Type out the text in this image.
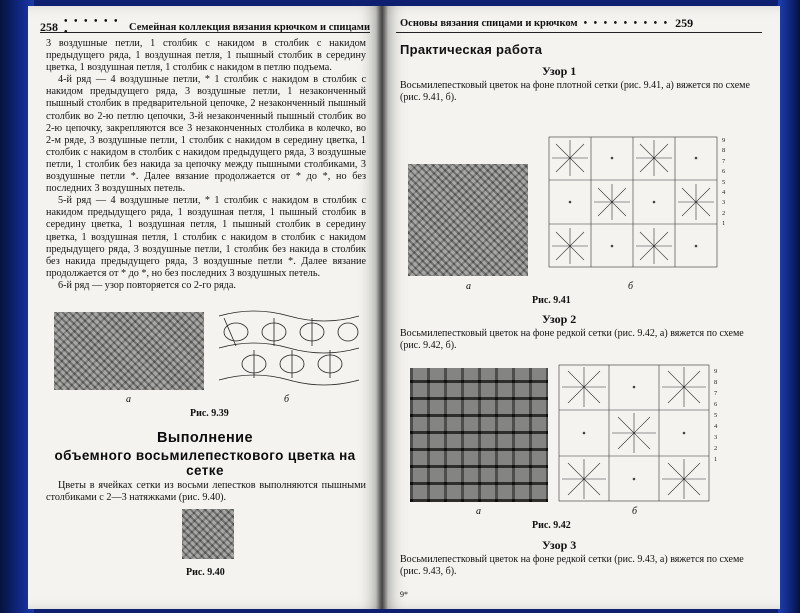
258 • • • • • • •	Семейная коллекция вязания крючком и спицами

3 воздушные петли, 1 столбик с накидом в столбик с накидом предыдущего ряда, 1 воздушная петля, 1 пышный столбик в середину цветка, 1 воздушная петля, 1 столбик с накидом в петлю подъема.

4-й ряд — 4 воздушные петли, * 1 столбик с накидом в столбик с накидом предыдущего ряда, 3 воздушные петли, 1 незаконченный пышный столбик в предварительной цепочке, 2 незаконченный пышный столбик во 2-ю петлю цепочки, 3-й незаконченный пышный столбик во 2-ю цепочку, закрепляются все 3 незаконченных столбика в колечко, во 2-м ряде, 3 воздушные петли, 1 столбик с накидом в середину цветка, 1 столбик с накидом в столбик с накидом предыдущего ряда, 3 воздушные петли, 1 столбик без накида за цепочку между пышными столбиками, 3 воздушные петли *. Далее вязание продолжается от * до *, но без последних 3 воздушных петель.

5-й ряд — 4 воздушные петли, * 1 столбик с накидом в столбик с накидом предыдущего ряда, 1 воздушная петля, 1 пышный столбик в середину цветка, 1 воздушная петля, 1 пышный столбик в середину цветка, 1 воздушная петля, 1 столбик с накидом в столбик с накидом предыдущего ряда, 3 воздушные петли, 1 столбик без накида в столбик без накида предыдущего ряда, 3 воздушные петли *. Далее вязание продолжается от * до *, но без последних 3 воздушных петель.

6-й ряд — узор повторяется со 2-го ряда.

а	б
Рис. 9.39
Выполнение
объемного восьмилепесткового цветка на сетке
Цветы в ячейках сетки из восьми лепестков выполняются пышными столбиками с 2—3 натяжками (рис. 9.40).
Рис. 9.40
Основы вязания спицами и крючком • • • • • • • • • 259
Практическая работа
Узор 1
Восьмилепестковый цветок на фоне плотной сетки (рис. 9.41, а) вяжется по схеме (рис. 9.41, б).
9
8
7
6
5
4
3
2
1
а	б
Рис. 9.41
Узор 2
Восьмилепестковый цветок на фоне редкой сетки (рис. 9.42, а) вяжется по схеме (рис. 9.42, б).
9
8
7
6
5
4
3
2
1
а	б
Рис. 9.42
Узор 3
Восьмилепестковый цветок на фоне редкой сетки (рис. 9.43, а) вяжется по схеме (рис. 9.43, б).
9*
